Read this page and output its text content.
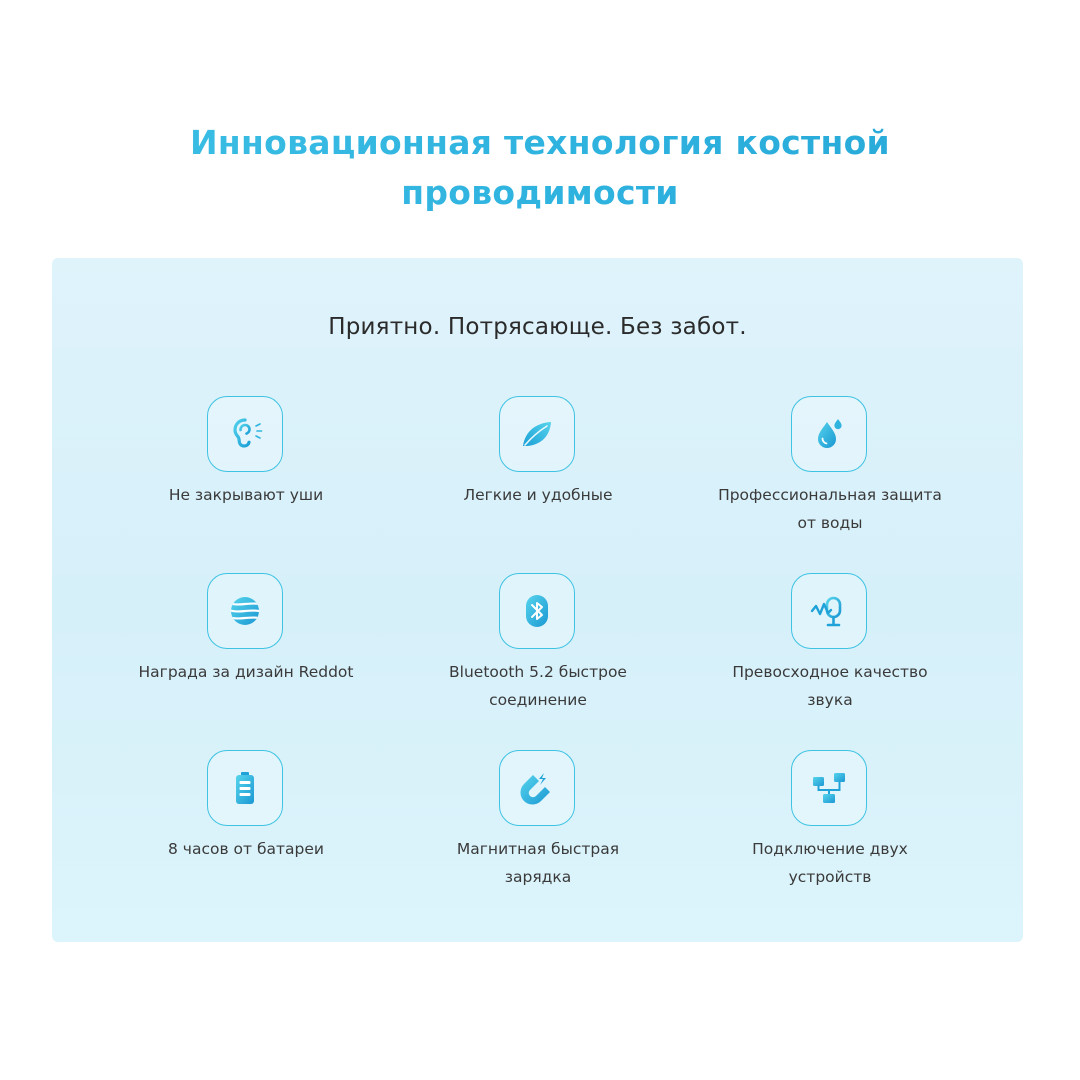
Инновационная технология костной
проводимости
Приятно. Потрясающе. Без забот.
Не закрывают уши	Легкие и удобные	Профессиональная защита
от воды
Награда за дизайн Reddot	Bluetooth 5.2 быстрое
соединение
Превосходное качество
звука
8 часов от батареи	Магнитная быстрая
зарядка
Подключение двух
устройств
